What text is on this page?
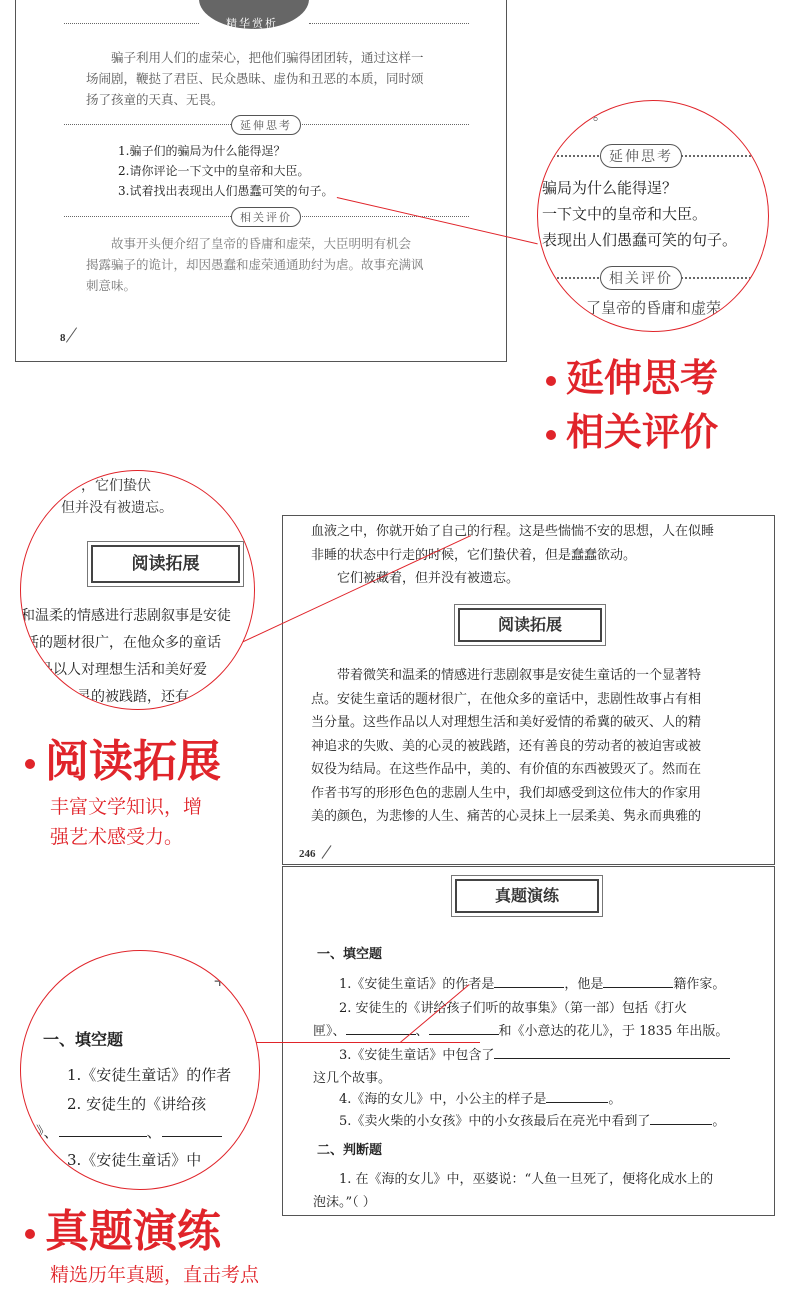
精华赏析
骗子利用人们的虚荣心，把他们骗得团团转，通过这样一
场闹剧，鞭挞了君臣、民众愚昧、虚伪和丑恶的本质，同时颂
扬了孩童的天真、无畏。
延伸思考
1.骗子们的骗局为什么能得逞？
2.请你评论一下文中的皇帝和大臣。
3.试着找出表现出人们愚蠢可笑的句子。
相关评价
故事开头便介绍了皇帝的昏庸和虚荣，大臣明明有机会
揭露骗子的诡计，却因愚蠢和虚荣通通助纣为虐。故事充满讽
刺意味。
8
。
延伸思考
骗局为什么能得逞？
一下文中的皇帝和大臣。
表现出人们愚蠢可笑的句子。
相关评价
了皇帝的昏庸和虚荣
延伸思考
相关评价
血液之中，你就开始了自己的行程。这是些惴惴不安的思想，人在似睡
非睡的状态中行走的时候，它们蛰伏着，但是蠢蠢欲动。
它们被藏着，但并没有被遗忘。
阅读拓展
带着微笑和温柔的情感进行悲剧叙事是安徒生童话的一个显著特
点。安徒生童话的题材很广，在他众多的童话中，悲剧性故事占有相
当分量。这些作品以人对理想生活和美好爱情的希冀的破灭、人的精
神追求的失败、美的心灵的被践踏，还有善良的劳动者的被迫害或被
奴役为结局。在这些作品中，美的、有价值的东西被毁灭了。然而在
作者书写的形形色色的悲剧人生中，我们却感受到这位伟大的作家用
美的颜色，为悲惨的人生、痛苦的心灵抹上一层柔美、隽永而典雅的
246
，它们蛰伏
但并没有被遗忘。
阅读拓展
和温柔的情感进行悲剧叙事是安徒
话的题材很广，在他众多的童话
品以人对理想生活和美好爱
心灵的被践踏，还有
阅读拓展
丰富文学知识，增
强艺术感受力。
真题演练
一、填空题
1.《安徒生童话》的作者是	，他是	籍作家。
2. 安徒生的《讲给孩子们听的故事集》（第一部）包括《打火
匣》、	、	和《小意达的花儿》，于 1835 年出版。
3.《安徒生童话》中包含了
这几个故事。
4.《海的女儿》中，小公主的样子是	。
5.《卖火柴的小女孩》中的小女孩最后在亮光中看到了	。
二、判断题
1. 在《海的女儿》中，巫婆说：“人鱼一旦死了，便将化成水上的
泡沫。”（ ）
+
一、填空题
1.《安徒生童话》的作者
2. 安徒生的《讲给孩
匣》、	、
3.《安徒生童话》中
真题演练
精选历年真题，直击考点
